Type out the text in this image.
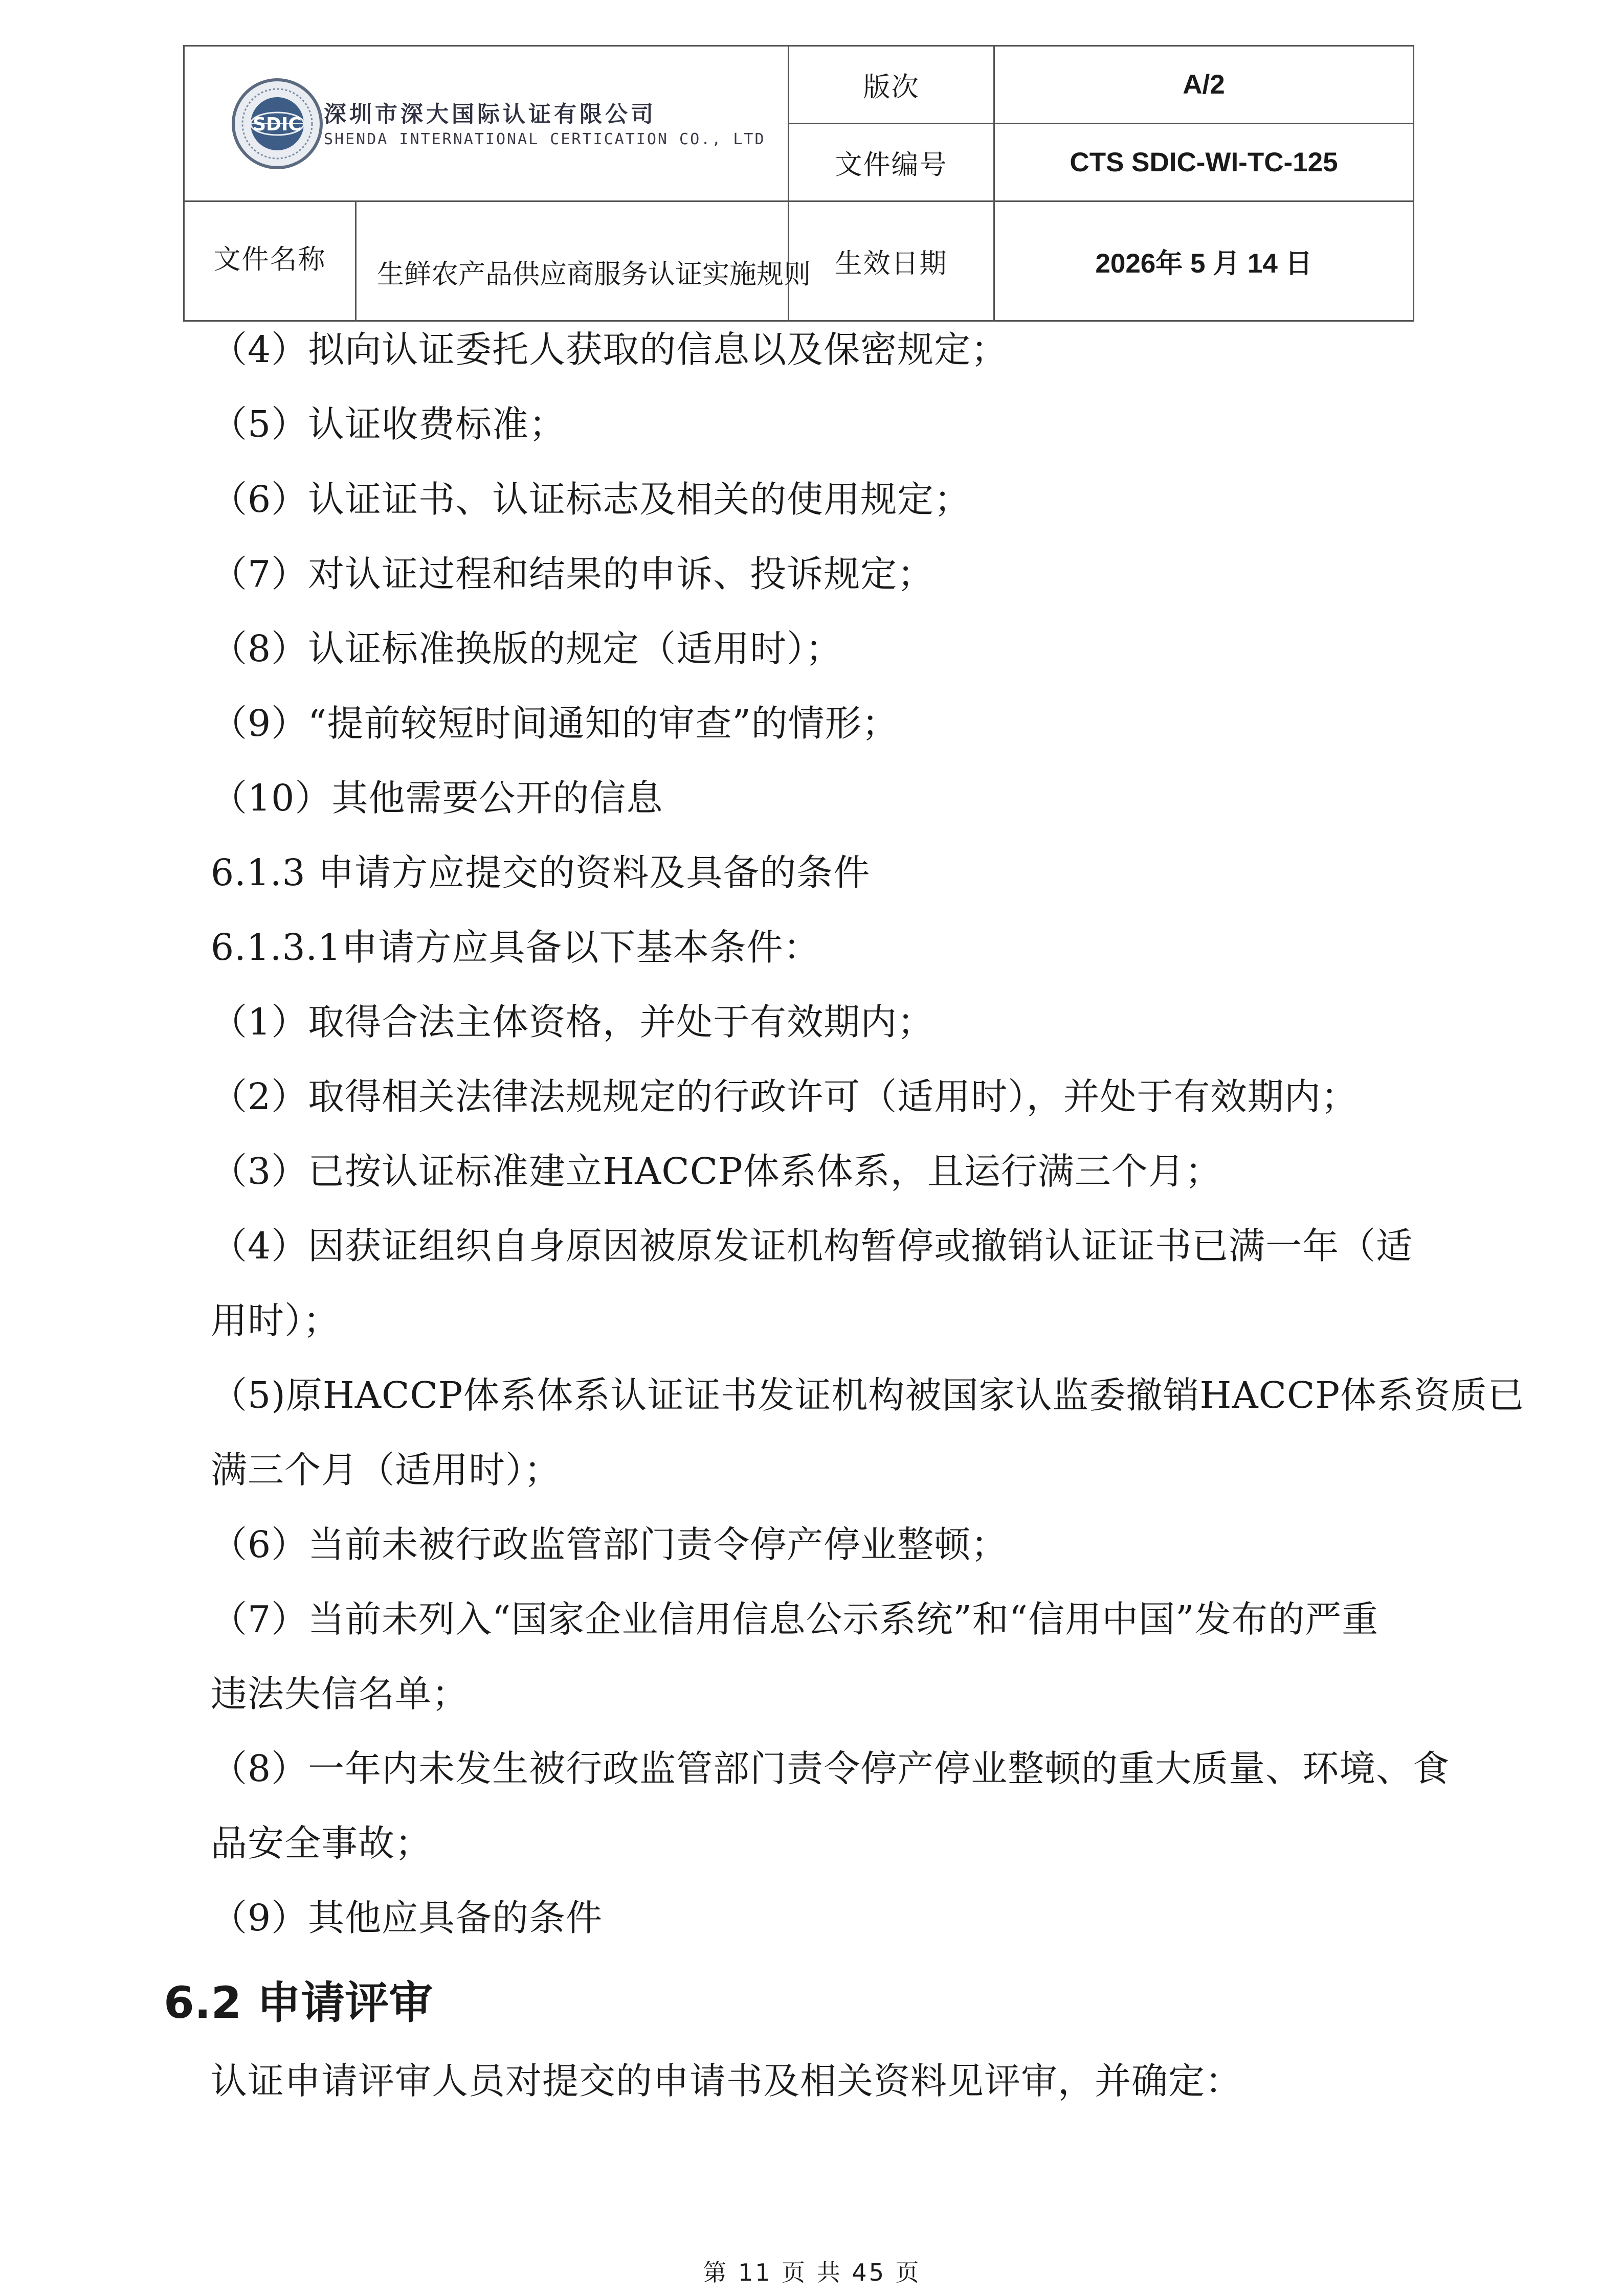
SDIC 深圳市深大国际认证有限公司
SHENDA INTERNATIONAL CERTICATION CO., LTD		版次	A/2
		文件编号	CTS SDIC-WI-TC-125

文件名称	生鲜农产品供应商服务认证实施规则	生效日期	2026年 5 月 14 日
（4）拟向认证委托人获取的信息以及保密规定；
（5）认证收费标准；
（6）认证证书、认证标志及相关的使用规定；
（7）对认证过程和结果的申诉、投诉规定；
（8）认证标准换版的规定（适用时）；
（9）“提前较短时间通知的审查”的情形；
（10）其他需要公开的信息
6.1.3 申请方应提交的资料及具备的条件
6.1.3.1申请方应具备以下基本条件：
（1）取得合法主体资格，并处于有效期内；
（2）取得相关法律法规规定的行政许可（适用时），并处于有效期内；
（3）已按认证标准建立HACCP体系体系，且运行满三个月；
（4）因获证组织自身原因被原发证机构暂停或撤销认证证书已满一年（适
用时）；
（5)原HACCP体系体系认证证书发证机构被国家认监委撤销HACCP体系资质已
满三个月（适用时）；
（6）当前未被行政监管部门责令停产停业整顿；
（7）当前未列入“国家企业信用信息公示系统”和“信用中国”发布的严重
违法失信名单；
（8）一年内未发生被行政监管部门责令停产停业整顿的重大质量、环境、食
品安全事故；
（9）其他应具备的条件
6.2 申请评审
认证申请评审人员对提交的申请书及相关资料见评审，并确定：
第 11 页 共 45 页
